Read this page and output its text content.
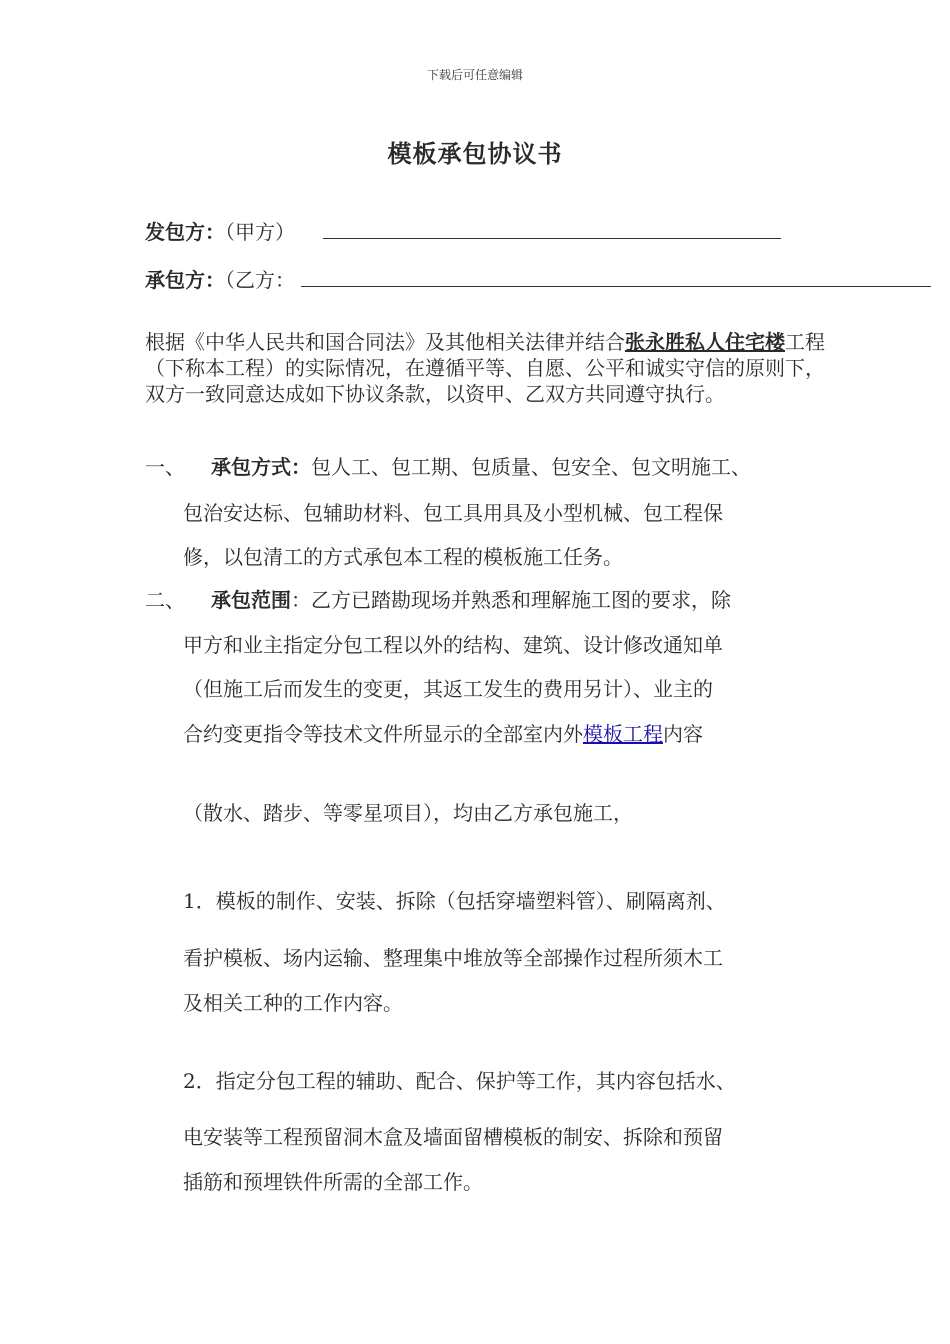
下载后可任意编辑
模板承包协议书
发包方：（甲方）
承包方：（乙方：
根据《中华人民共和国合同法》及其他相关法律并结合张永胜私人住宅楼工程（下称本工程）的实际情况，在遵循平等、自愿、公平和诚实守信的原则下，双方一致同意达成如下协议条款，以资甲、乙双方共同遵守执行。
一、 承包方式：包人工、包工期、包质量、包安全、包文明施工、
包治安达标、包辅助材料、包工具用具及小型机械、包工程保
修，以包清工的方式承包本工程的模板施工任务。
二、 承包范围：乙方已踏勘现场并熟悉和理解施工图的要求，除
甲方和业主指定分包工程以外的结构、建筑、设计修改通知单
（但施工后而发生的变更，其返工发生的费用另计）、业主的
合约变更指令等技术文件所显示的全部室内外模板工程内容
（散水、踏步、等零星项目），均由乙方承包施工，
1．模板的制作、安装、拆除（包括穿墙塑料管）、刷隔离剂、
看护模板、场内运输、整理集中堆放等全部操作过程所须木工
及相关工种的工作内容。
2．指定分包工程的辅助、配合、保护等工作，其内容包括水、
电安装等工程预留洞木盒及墙面留槽模板的制安、拆除和预留
插筋和预埋铁件所需的全部工作。
